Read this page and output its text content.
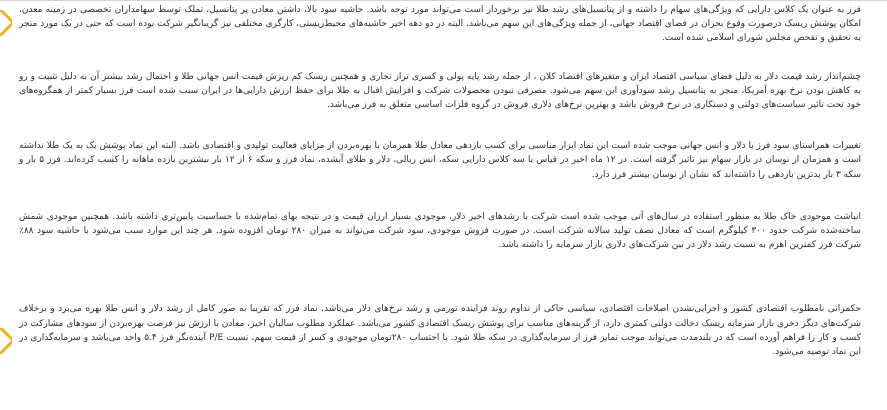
فرز به عنوان یک کلاس دارایی که ویژگی‌های سهام را داشته و از پتانسیل‌های رشد طلا نیز برخوردار است می‌تواند مورد توجه باشد. حاشیه سود بالا، داشتن معادن پر پتانسیل، تملک توسط سهامداران تخصصی در زمینه معدن، امکان پوشش ریسک درصورت وقوع بحران در فضای اقتصاد جهانی، از جمله ویژگی‌های این سهم می‌باشد. البته در دو دهه اخیر حاشیه‌های محیط‌زیستی، کارگری مختلفی نیز گریبانگیر شرکت بوده است که حتی در یک مورد منجر به تحقیق و تفحص مجلس شورای اسلامی شده است.

چشم‌انداز رشد قیمت دلار به دلیل فضای سیاسی اقتصاد ایران و متغیرهای اقتصاد کلان ، از جمله رشد پایه پولی و کسری تراز تجاری و همچنین ریسک کم ریزش قیمت انس جهانی طلا و احتمال رشد بیشتر آن به دلیل تثبیت و رو به کاهش بودن نرخ بهره آمریکا، منجر به پتانسیل رشد سودآوری این سهم می‌شود. مصرفی نبودن محصولات شرکت و افزایش اقبال به طلا برای حفظ ارزش دارایی‌ها در ایران سبب شده است فرز بسیار کمتر از همگروه‌های خود تحت تاثیر سیاست‌های دولتی و دستکاری در نرخ فروش باشد و بهترین نرخ‌های دلاری فروش در گروه فلزات اساسی متعلق به فرز می‌باشد.

تغییرات همراستای سود فرز با دلار و انس جهانی موجب شده است این نماد ابزار مناسبی برای کسب بازدهی معادل طلا همزمان با بهره‌بردن از مزایای فعالیت تولیدی و اقتصادی باشد. البته این نماد پوشش یک به یک طلا نداشته است و همزمان از نوسان در بازار سهام نیز تاثیر گرفته است. در ۱۲ ماه اخیر در قیاس با سه کلاس دارایی سکه، انس ریالی، دلار و طلای آبشده، نماد فرز و سکه ۶ از ۱۲ بار بیشترین بازده ماهانه را کسب کرده‌اند. فرز ۵ بار و سکه ۳ بار بدترین بازدهی را داشته‌اند که نشان از نوسان بیشتر فرز دارد.

انباشت موجودی خاک طلا به منظور استفاده در سال‌های آتی موجب شده است شرکت با رشدهای اخیر دلار، موجودی بسیار ارزان قیمت و در نتیجه بهای تمام‌شده با حساسیت پایین‌تری داشته باشد. همچنین موجودی شمش ساخته‌شده شرکت حدود ۳۰۰ کیلوگرم است که معادل نصف تولید سالانه شرکت است. در صورت فروش موجودی، سود شرکت می‌تواند به میزان ۲۸۰ تومان افزوده شود. هر چند این موارد سبب می‌شود با حاشیه سود ۸۸٪ شرکت فرز کمترین اهرم به نسبت رشد دلار در بین شرکت‌های دلاری بازار سرمایه را داشته باشد.

حکمرانی نامطلوب اقتصادی کشور و اجرایی‌نشدن اصلاحات اقتصادی، سیاسی حاکی از تداوم روند فزاینده تورمی و رشد نرخ‌های دلار می‌باشد. نماد فرز که تقریبا به صور کامل از رشد دلار و انس طلا بهره می‌برد و برخلاف شرکت‌های دیگر دخری بازار سرمایه ریسک دخالت دولتی کمتری دارد، از گزینه‌های مناسب برای پوشش ریسک اقتصادی کشور می‌باشد. عملکرد مطلوب سالیان اخیر، معادن با ارزش نیز فرصت بهره‌بردن از سودهای مشارکت در کسب و کار را فراهم آورده است که در بلندمدت می‌تواند موجب تمایز فرز از سرمایه‌گذاری در سکه طلا شود. با احتساب ۲۸۰تومان موجودی و کسر از قیمت سهم، نسبت P/E آینده‌نگر فرز ۵.۴ واحد می‌باشد و سرمایه‌گذاری در این نماد توصیه می‌شود.
